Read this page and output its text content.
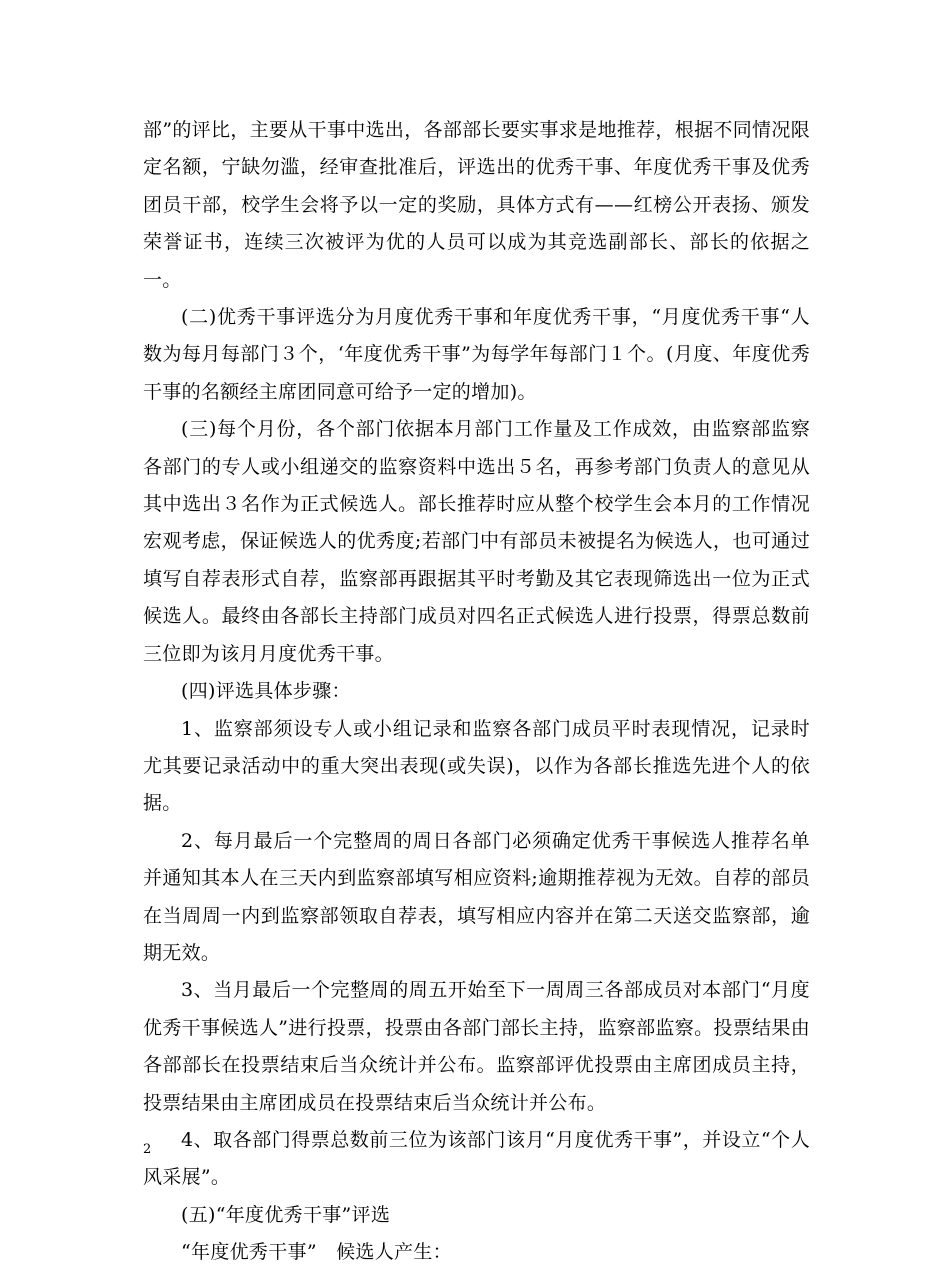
部”的评比，主要从干事中选出，各部部长要实事求是地推荐，根据不同情况限定名额，宁缺勿滥，经审查批准后，评选出的优秀干事、年度优秀干事及优秀团员干部，校学生会将予以一定的奖励，具体方式有——红榜公开表扬、颁发荣誉证书，连续三次被评为优的人员可以成为其竞选副部长、部长的依据之一。

(二)优秀干事评选分为月度优秀干事和年度优秀干事，“月度优秀干事“人数为每月每部门３个，‘年度优秀干事”为每学年每部门１个。(月度、年度优秀干事的名额经主席团同意可给予一定的增加)。

(三)每个月份，各个部门依据本月部门工作量及工作成效，由监察部监察各部门的专人或小组递交的监察资料中选出５名，再参考部门负责人的意见从其中选出３名作为正式候选人。部长推荐时应从整个校学生会本月的工作情况宏观考虑，保证候选人的优秀度;若部门中有部员未被提名为候选人，也可通过填写自荐表形式自荐，监察部再跟据其平时考勤及其它表现筛选出一位为正式候选人。最终由各部长主持部门成员对四名正式候选人进行投票，得票总数前三位即为该月月度优秀干事。

(四)评选具体步骤：

1、监察部须设专人或小组记录和监察各部门成员平时表现情况，记录时尤其要记录活动中的重大突出表现(或失误)，以作为各部长推选先进个人的依据。

2、每月最后一个完整周的周日各部门必须确定优秀干事候选人推荐名单并通知其本人在三天内到监察部填写相应资料;逾期推荐视为无效。自荐的部员在当周周一内到监察部领取自荐表，填写相应内容并在第二天送交监察部，逾期无效。

3、当月最后一个完整周的周五开始至下一周周三各部成员对本部门“月度优秀干事候选人”进行投票，投票由各部门部长主持，监察部监察。投票结果由各部部长在投票结束后当众统计并公布。监察部评优投票由主席团成员主持，投票结果由主席团成员在投票结束后当众统计并公布。

4、取各部门得票总数前三位为该部门该月“月度优秀干事”，并设立“个人风采展”。

(五)“年度优秀干事”评选

“年度优秀干事”　候选人产生：

2
